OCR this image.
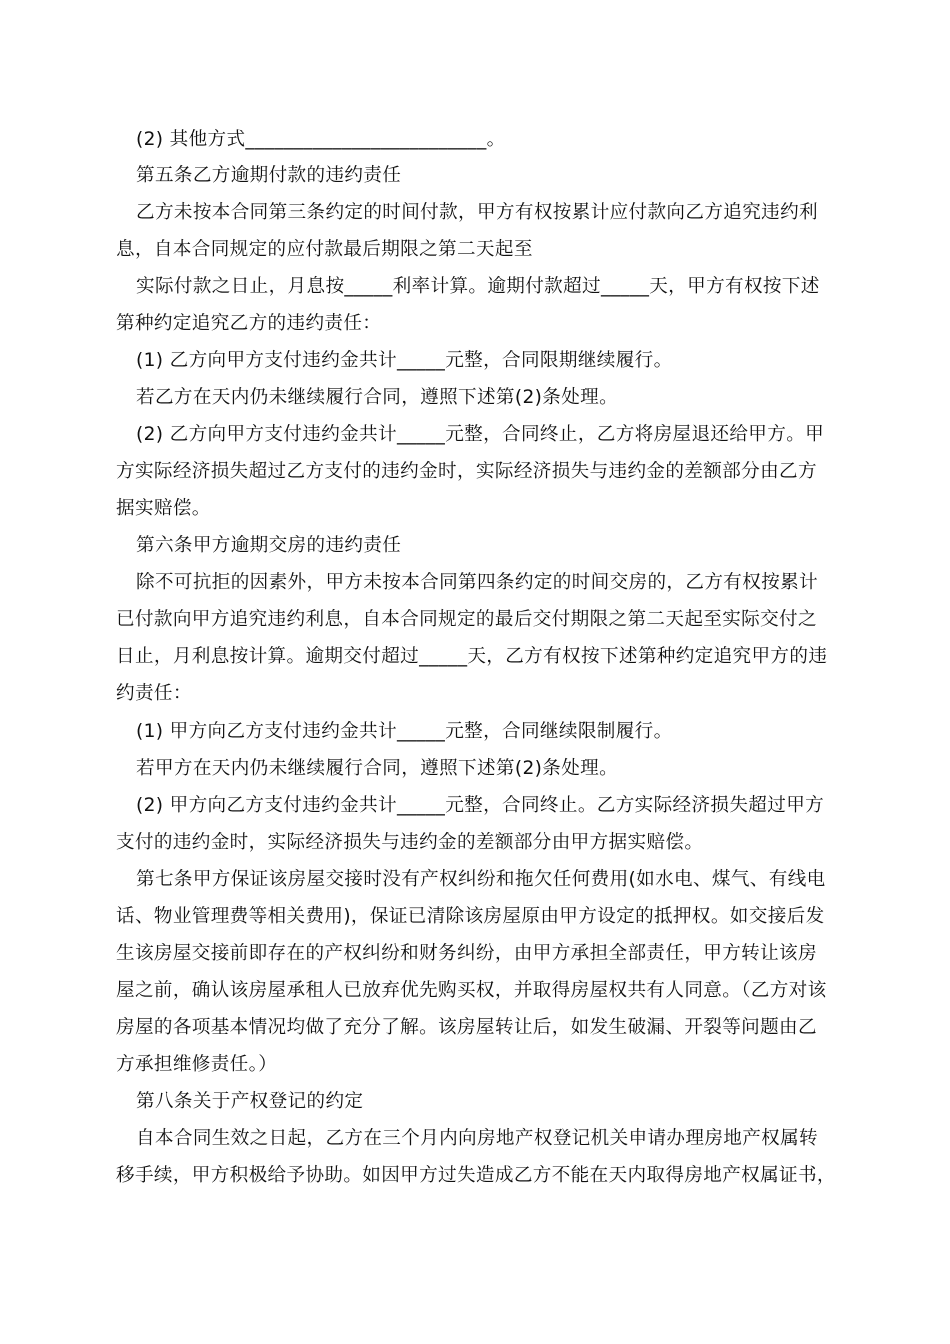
(2) 其他方式_________________________。
第五条乙方逾期付款的违约责任
乙方未按本合同第三条约定的时间付款，甲方有权按累计应付款向乙方追究违约利
息，自本合同规定的应付款最后期限之第二天起至
实际付款之日止，月息按_____利率计算。逾期付款超过_____天，甲方有权按下述
第种约定追究乙方的违约责任：
(1) 乙方向甲方支付违约金共计_____元整，合同限期继续履行。
若乙方在天内仍未继续履行合同，遵照下述第(2)条处理。
(2) 乙方向甲方支付违约金共计_____元整，合同终止，乙方将房屋退还给甲方。甲
方实际经济损失超过乙方支付的违约金时，实际经济损失与违约金的差额部分由乙方
据实赔偿。
第六条甲方逾期交房的违约责任
除不可抗拒的因素外，甲方未按本合同第四条约定的时间交房的，乙方有权按累计
已付款向甲方追究违约利息，自本合同规定的最后交付期限之第二天起至实际交付之
日止，月利息按计算。逾期交付超过_____天，乙方有权按下述第种约定追究甲方的违
约责任：
(1) 甲方向乙方支付违约金共计_____元整，合同继续限制履行。
若甲方在天内仍未继续履行合同，遵照下述第(2)条处理。
(2) 甲方向乙方支付违约金共计_____元整，合同终止。乙方实际经济损失超过甲方
支付的违约金时，实际经济损失与违约金的差额部分由甲方据实赔偿。
第七条甲方保证该房屋交接时没有产权纠纷和拖欠任何费用(如水电、煤气、有线电
话、物业管理费等相关费用)，保证已清除该房屋原由甲方设定的抵押权。如交接后发
生该房屋交接前即存在的产权纠纷和财务纠纷，由甲方承担全部责任，甲方转让该房
屋之前，确认该房屋承租人已放弃优先购买权，并取得房屋权共有人同意。（乙方对该
房屋的各项基本情况均做了充分了解。该房屋转让后，如发生破漏、开裂等问题由乙
方承担维修责任。）
第八条关于产权登记的约定
自本合同生效之日起，乙方在三个月内向房地产权登记机关申请办理房地产权属转
移手续，甲方积极给予协助。如因甲方过失造成乙方不能在天内取得房地产权属证书，
